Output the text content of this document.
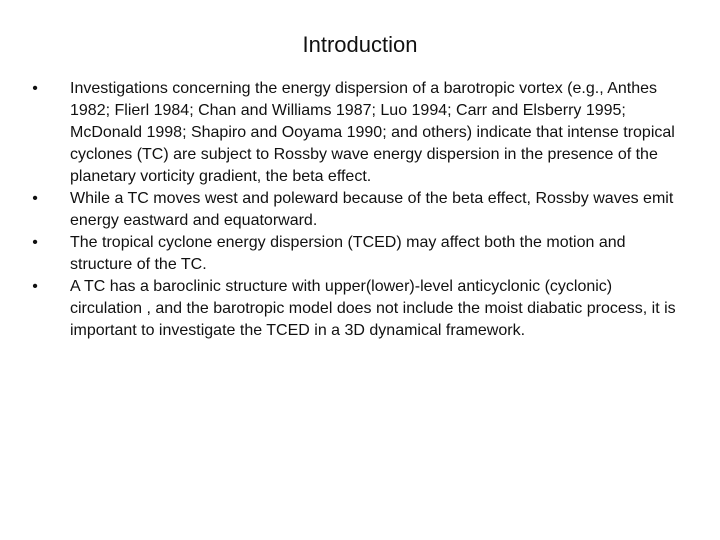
Introduction
• Investigations concerning the energy dispersion of a barotropic vortex (e.g., Anthes 1982; Flierl 1984; Chan and Williams 1987; Luo 1994; Carr and Elsberry 1995; McDonald 1998; Shapiro and Ooyama 1990; and others) indicate that intense tropical cyclones (TC) are subject to Rossby wave energy dispersion in the presence of the planetary vorticity gradient, the beta effect.
• While a TC moves west and poleward because of the beta effect, Rossby waves emit energy eastward and equatorward.
• The tropical cyclone energy dispersion (TCED) may affect both the motion and structure of the TC.
• A TC has a baroclinic structure with upper(lower)-level anticyclonic (cyclonic) circulation , and the barotropic model does not include the moist diabatic process, it is important to investigate the TCED in a 3D dynamical framework.
